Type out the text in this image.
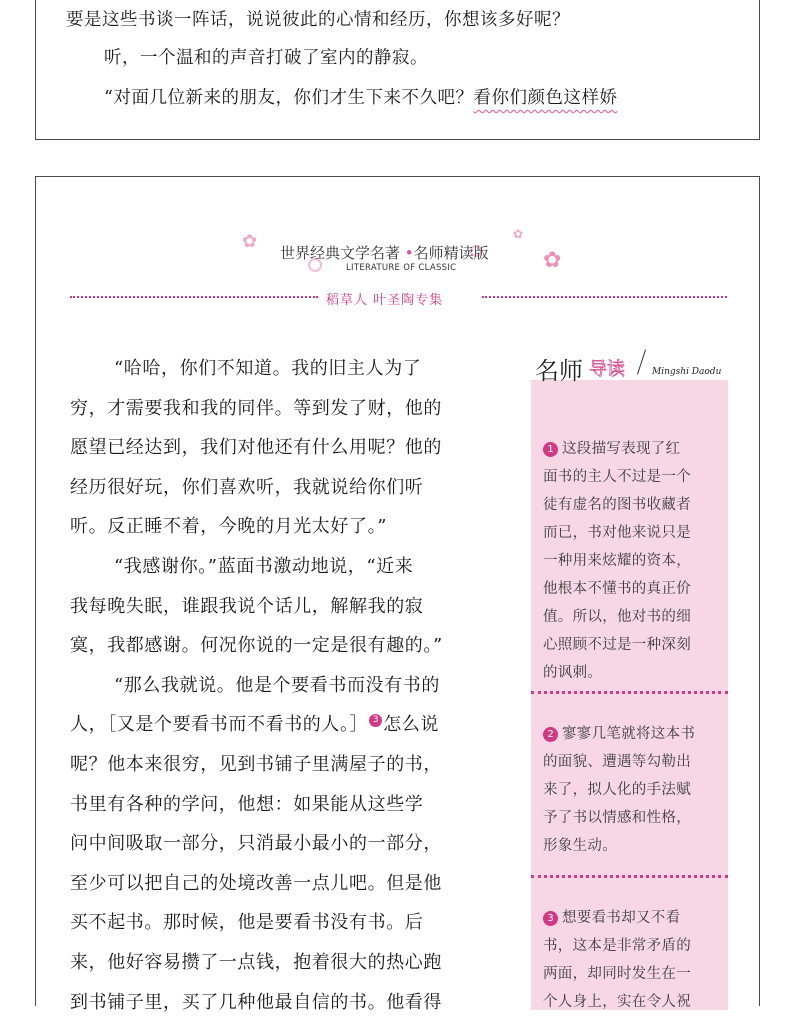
要是这些书谈一阵话，说说彼此的心情和经历，你想该多好呢？
听，一个温和的声音打破了室内的静寂。
“对面几位新来的朋友，你们才生下来不久吧？看你们颜色这样娇
✿	✿
✿
世界经典文学名著 •名师精读版
LITERATURE OF CLASSIC
稻草人 叶圣陶专集
“哈哈，你们不知道。我的旧主人为了
穷，才需要我和我的同伴。等到发了财，他的
愿望已经达到，我们对他还有什么用呢？他的
经历很好玩，你们喜欢听，我就说给你们听
听。反正睡不着，今晚的月光太好了。”
“我感谢你。”蓝面书激动地说，“近来
我每晚失眠，谁跟我说个话儿，解解我的寂
寞，我都感谢。何况你说的一定是很有趣的。”
“那么我就说。他是个要看书而没有书的
人，［又是个要看书而不看书的人。］ 3 怎么说
呢？他本来很穷，见到书铺子里满屋子的书，
书里有各种的学问，他想：如果能从这些学
问中间吸取一部分，只消最小最小的一部分，
至少可以把自己的处境改善一点儿吧。但是他
买不起书。那时候，他是要看书没有书。后
来，他好容易攒了一点钱，抱着很大的热心跑
到书铺子里，买了几种他最自信的书。他看得
名师 导读	Mingshi Daodu
1 这段描写表现了红
面书的主人不过是一个
徒有虚名的图书收藏者
而已，书对他来说只是
一种用来炫耀的资本，
他根本不懂书的真正价
值。所以，他对书的细
心照顾不过是一种深刻
的讽刺。
2 寥寥几笔就将这本书
的面貌、遭遇等勾勒出
来了，拟人化的手法赋
予了书以情感和性格，
形象生动。
3 想要看书却又不看
书，这本是非常矛盾的
两面，却同时发生在一
个人身上，实在令人祝
